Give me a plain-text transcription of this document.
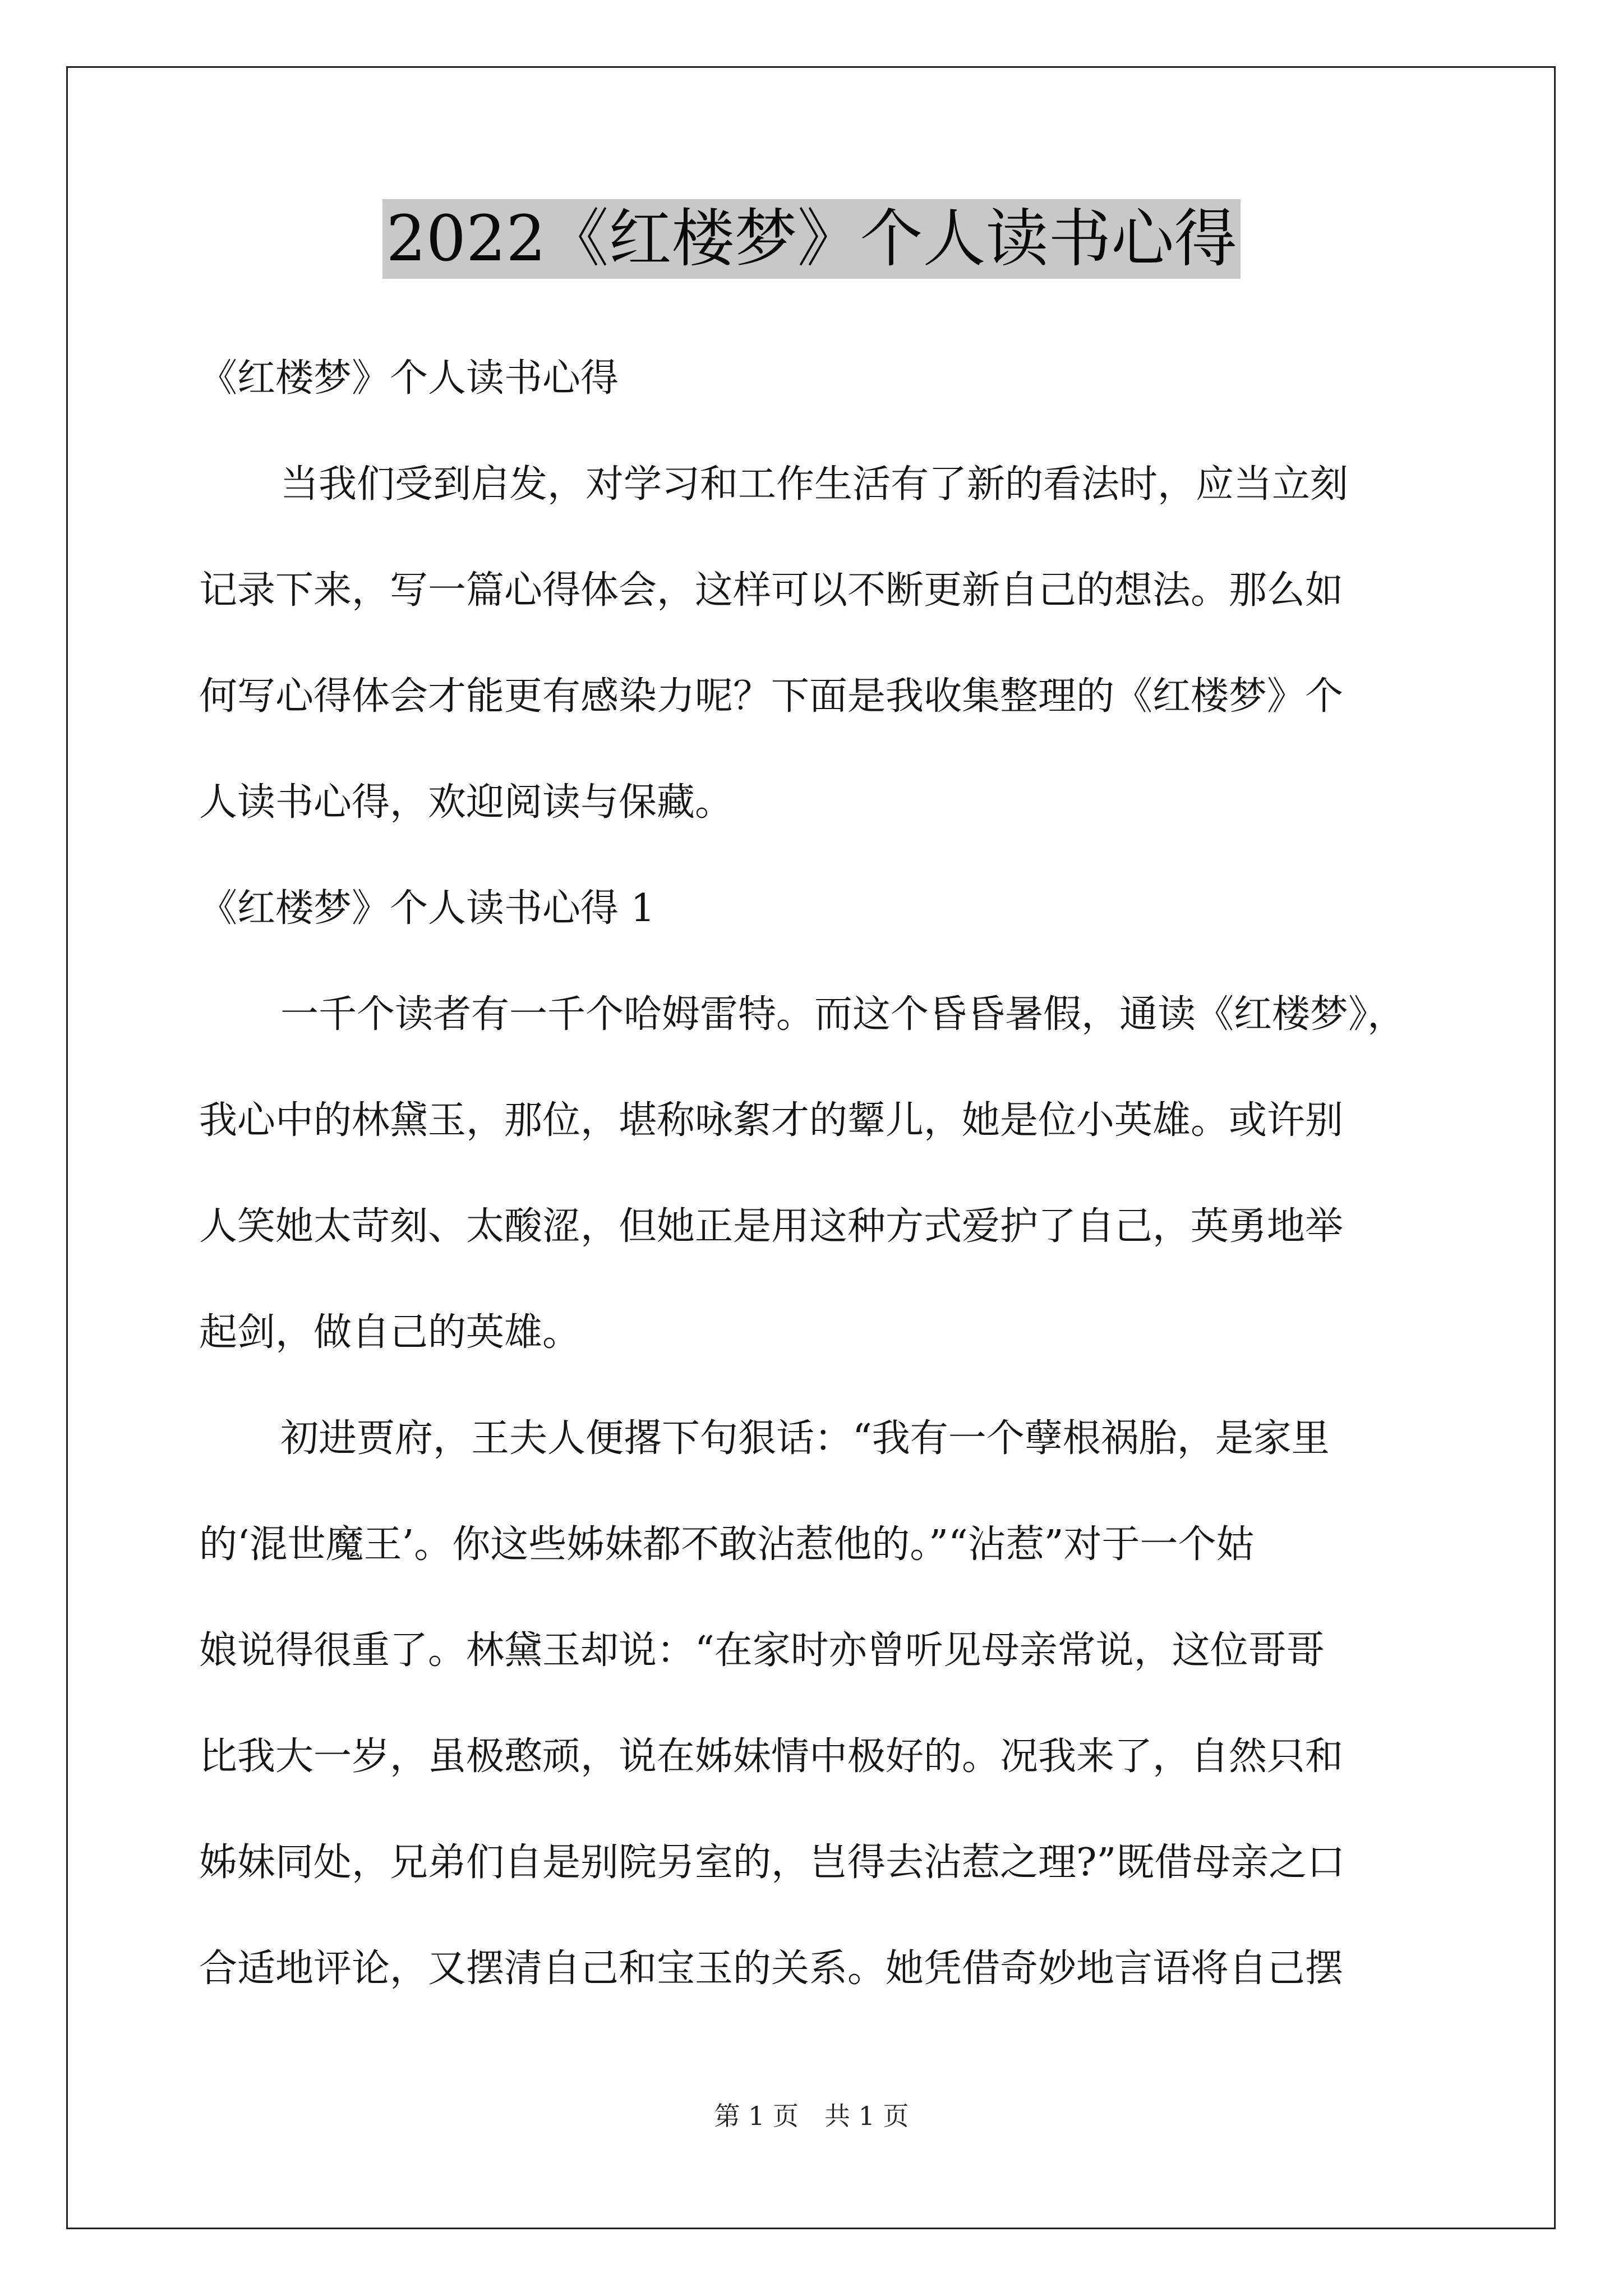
2022《红楼梦》个人读书心得
《红楼梦》个人读书心得
当我们受到启发，对学习和工作生活有了新的看法时，应当立刻
记录下来，写一篇心得体会，这样可以不断更新自己的想法。那么如
何写心得体会才能更有感染力呢？下面是我收集整理的《红楼梦》个
人读书心得，欢迎阅读与保藏。
《红楼梦》个人读书心得 1
一千个读者有一千个哈姆雷特。而这个昏昏暑假，通读《红楼梦》，
我心中的林黛玉，那位，堪称咏絮才的颦儿，她是位小英雄。或许别
人笑她太苛刻、太酸涩，但她正是用这种方式爱护了自己，英勇地举
起剑，做自己的英雄。
初进贾府，王夫人便撂下句狠话：“我有一个孽根祸胎，是家里
的‘混世魔王’。你这些姊妹都不敢沾惹他的。”“沾惹”对于一个姑
娘说得很重了。林黛玉却说：“在家时亦曾听见母亲常说，这位哥哥
比我大一岁，虽极憨顽，说在姊妹情中极好的。况我来了，自然只和
姊妹同处，兄弟们自是别院另室的，岂得去沾惹之理?”既借母亲之口
合适地评论，又摆清自己和宝玉的关系。她凭借奇妙地言语将自己摆
第 1 页　共 1 页
